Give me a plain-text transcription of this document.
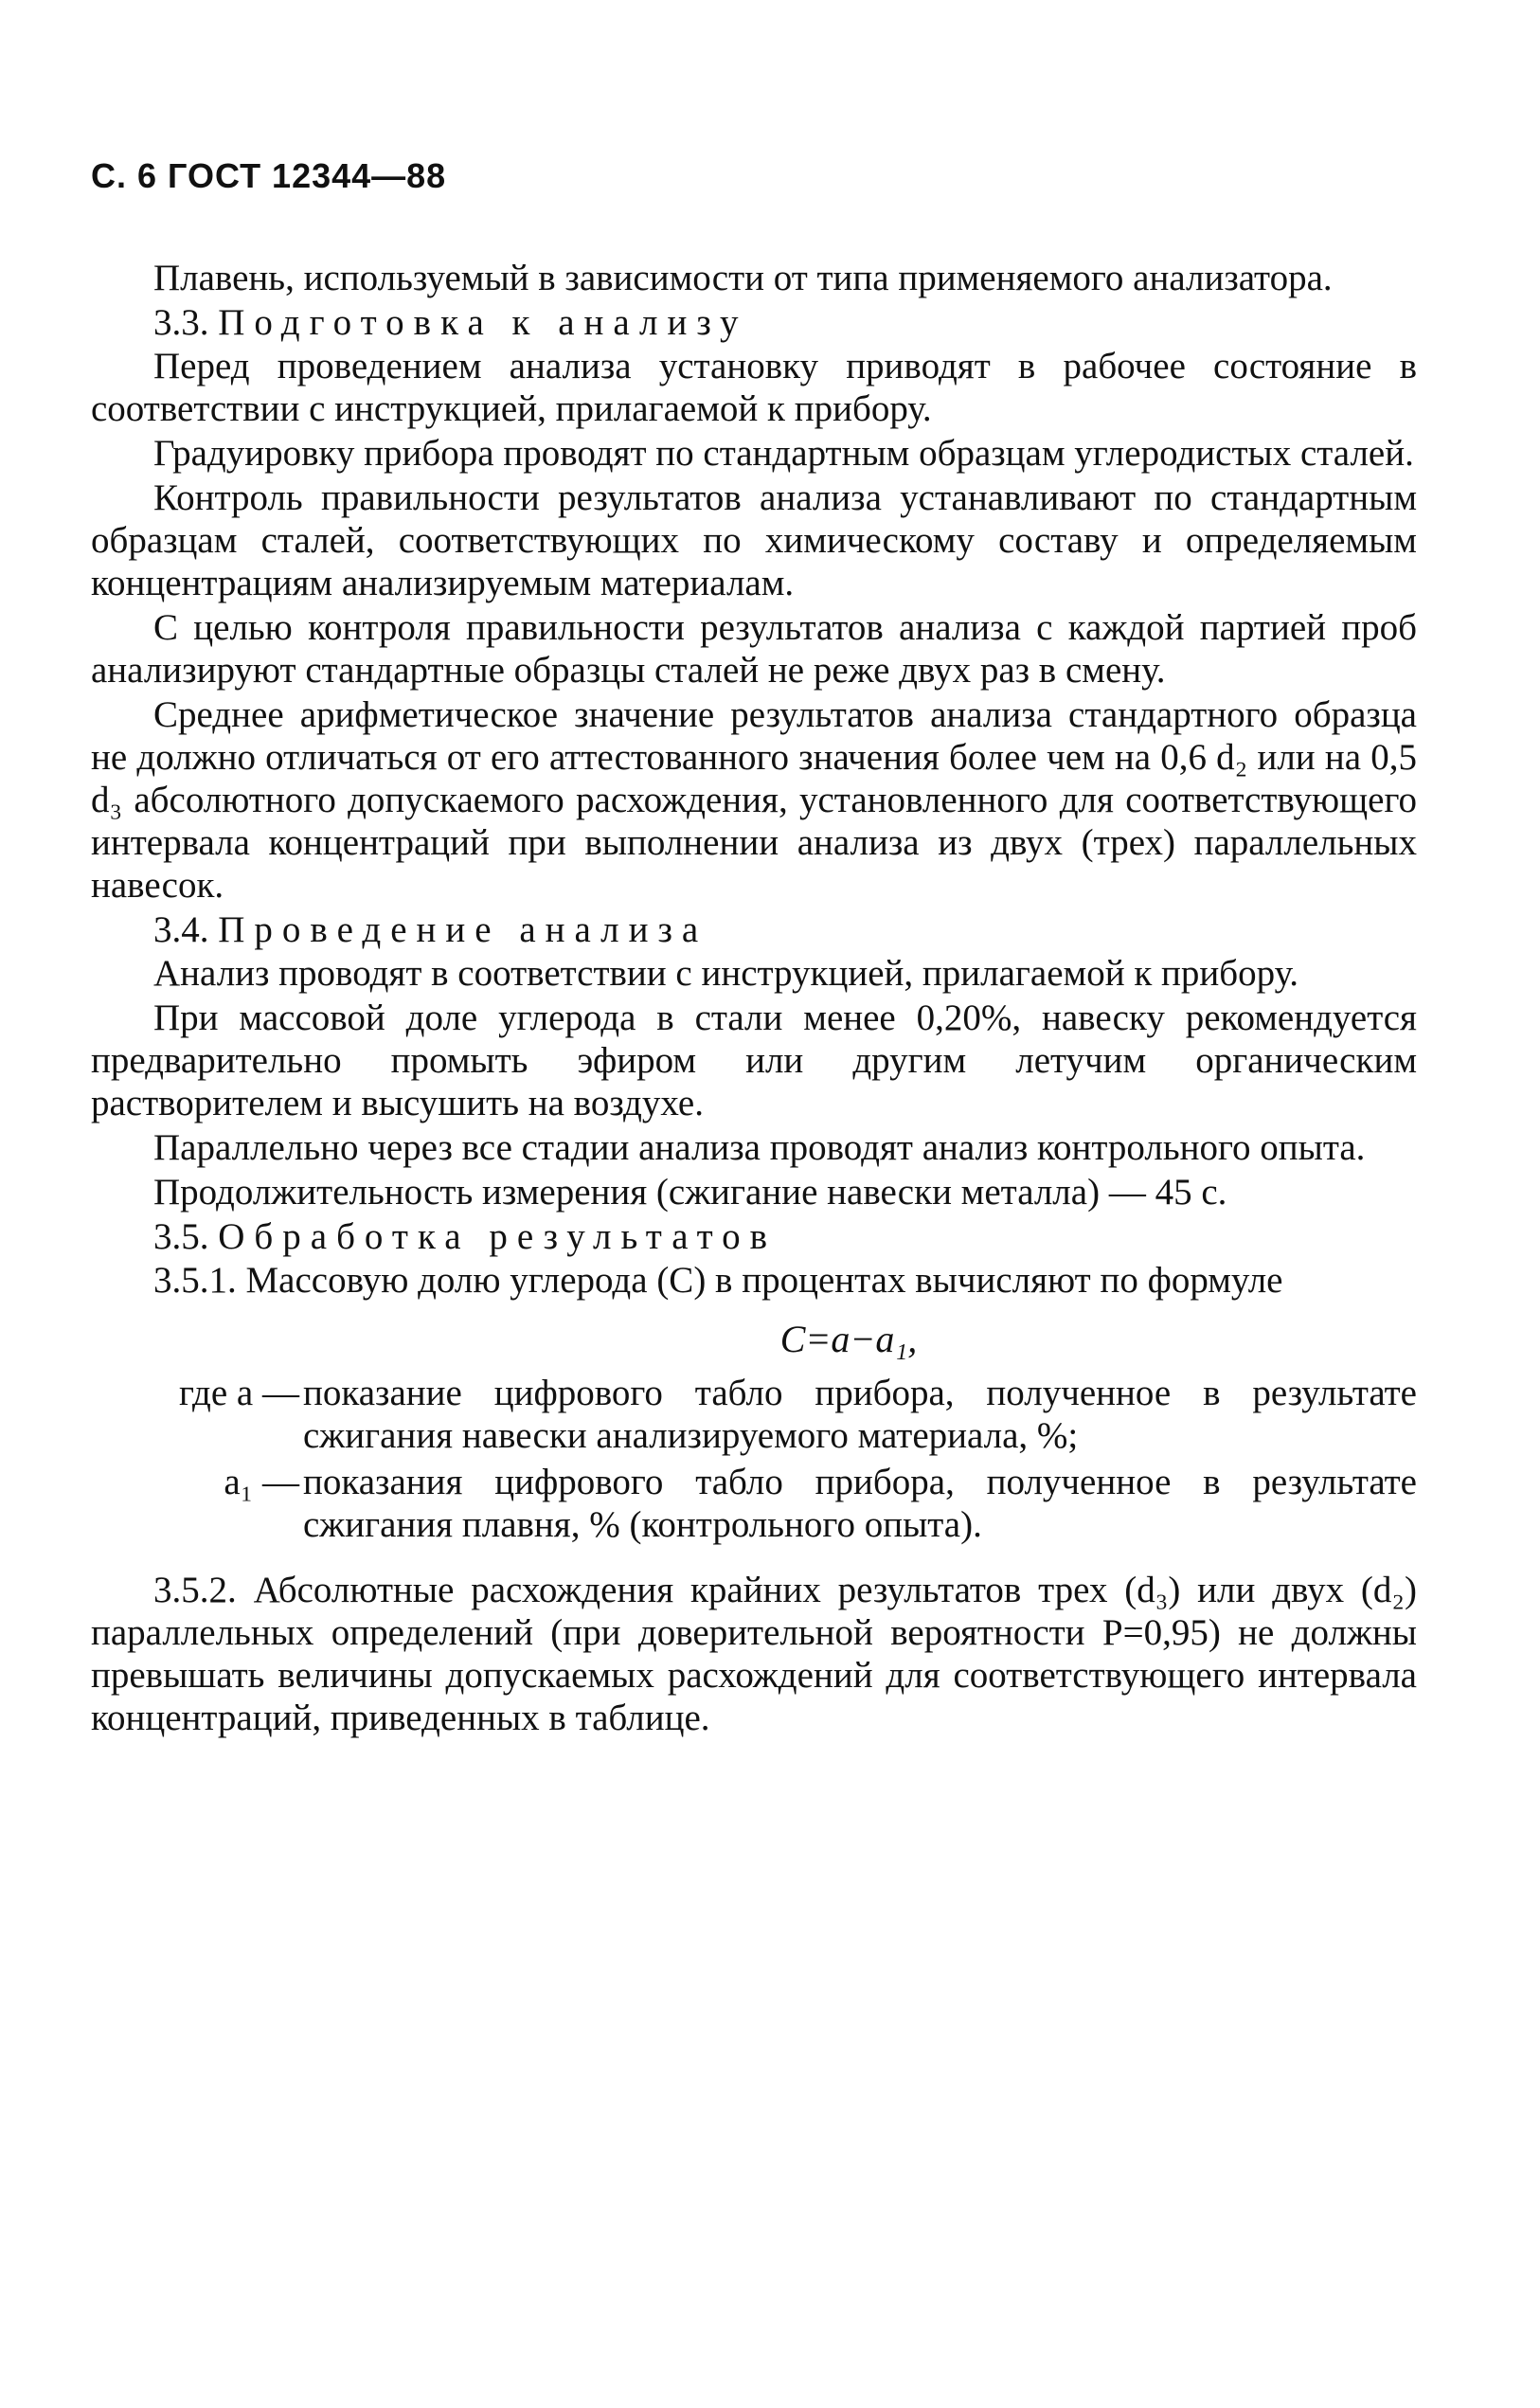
С. 6 ГОСТ 12344—88

Плавень, используемый в зависимости от типа применяемого анализатора.

3.3. Подготовка к анализу

Перед проведением анализа установку приводят в рабочее состояние в соответствии с инструкцией, прилагаемой к прибору.

Градуировку прибора проводят по стандартным образцам углеродистых сталей.

Контроль правильности результатов анализа устанавливают по стандартным образцам сталей, соответствующих по химическому составу и определяемым концентрациям анализируемым материалам.

С целью контроля правильности результатов анализа с каждой партией проб анализируют стандартные образцы сталей не реже двух раз в смену.

Среднее арифметическое значение результатов анализа стандартного образца не должно отличаться от его аттестованного значения более чем на 0,6 d₂ или на 0,5 d₃ абсолютного допускаемого расхождения, установленного для соответствующего интервала концентраций при выполнении анализа из двух (трех) параллельных навесок.

3.4. Проведение анализа

Анализ проводят в соответствии с инструкцией, прилагаемой к прибору.

При массовой доле углерода в стали менее 0,20%, навеску рекомендуется предварительно промыть эфиром или другим летучим органическим растворителем и высушить на воздухе.

Параллельно через все стадии анализа проводят анализ контрольного опыта.

Продолжительность измерения (сжигание навески металла) — 45 с.

3.5. Обработка результатов

3.5.1. Массовую долю углерода (C) в процентах вычисляют по формуле

C=a−a₁,
где a — показание цифрового табло прибора, полученное в результате сжигания навески анализируемого материала, %;
a₁ — показания цифрового табло прибора, полученное в результате сжигания плавня, % (контрольного опыта).

3.5.2. Абсолютные расхождения крайних результатов трех (d₃) или двух (d₂) параллельных определений (при доверительной вероятности P=0,95) не должны превышать величины допускаемых расхождений для соответствующего интервала концентраций, приведенных в таблице.
